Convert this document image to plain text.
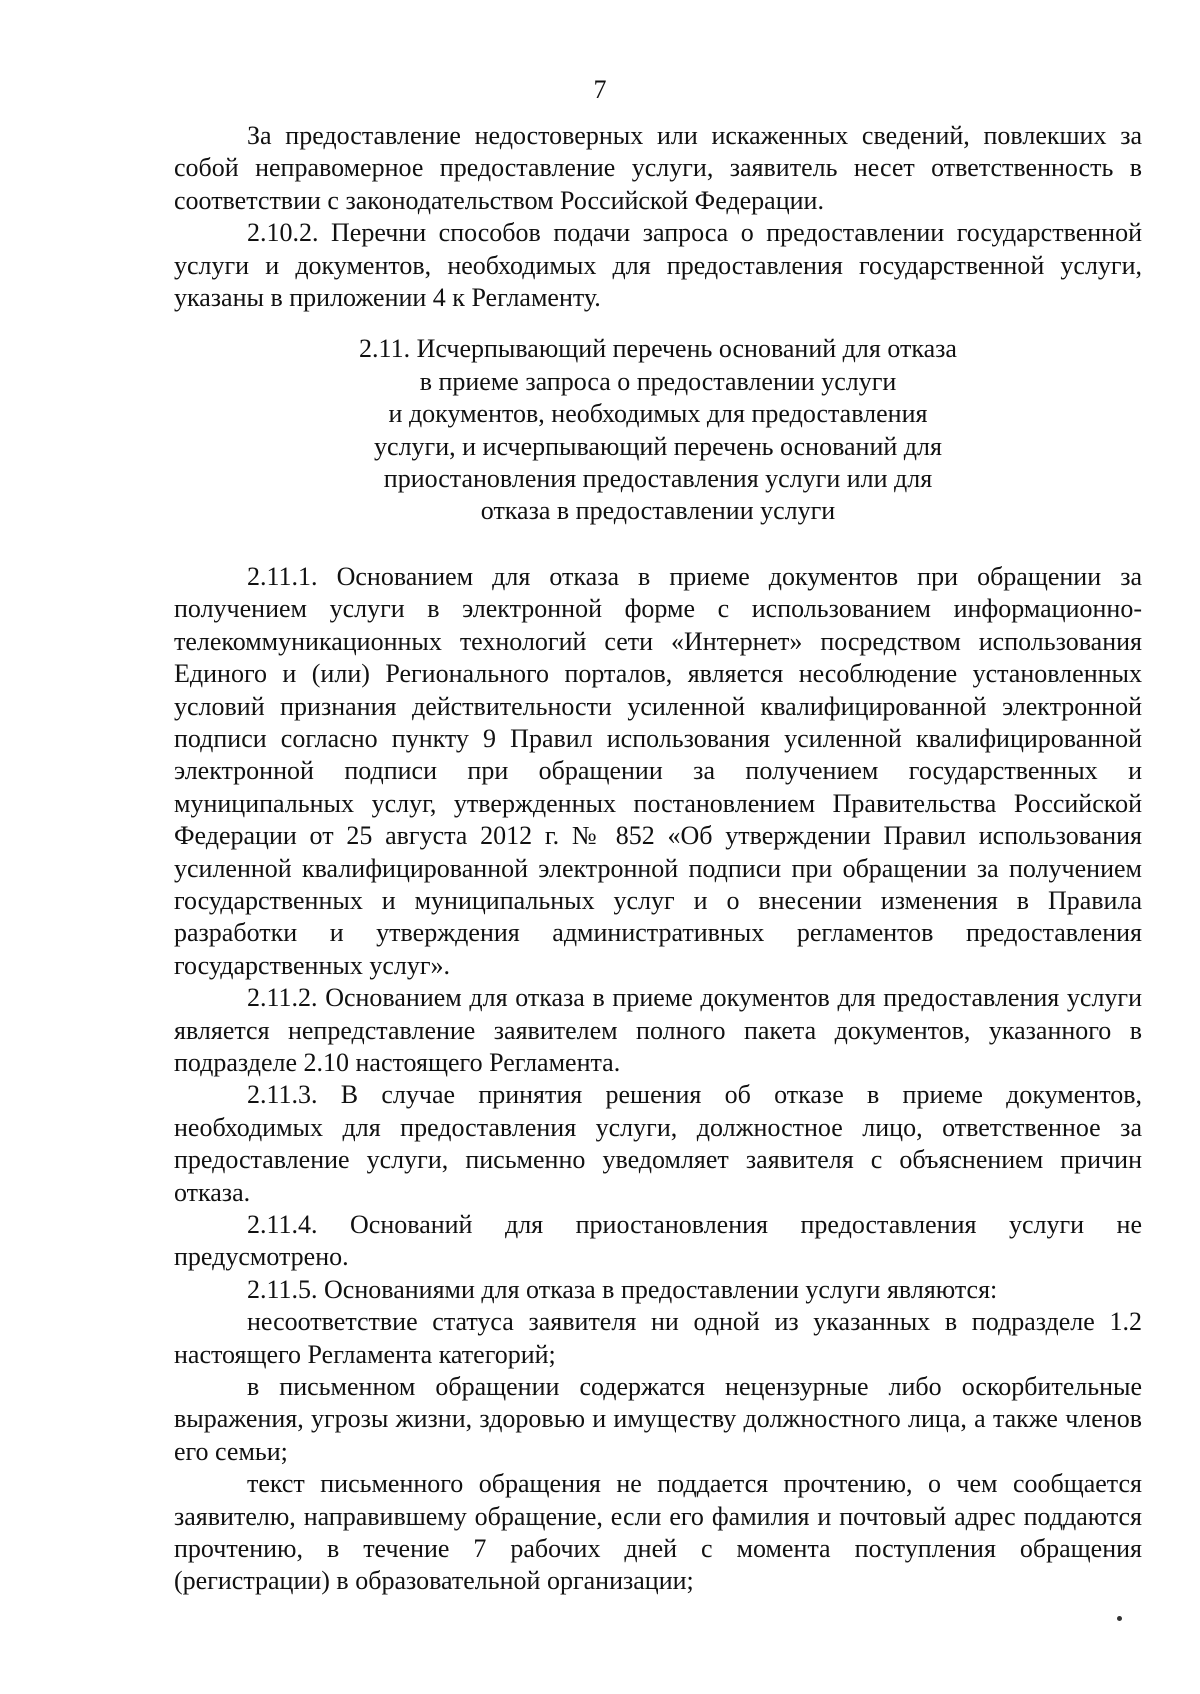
7

За предоставление недостоверных или искаженных сведений, повлекших за собой неправомерное предоставление услуги, заявитель несет ответственность в соответствии с законодательством Российской Федерации.

2.10.2. Перечни способов подачи запроса о предоставлении государственной услуги и документов, необходимых для предоставления государственной услуги, указаны в приложении 4 к Регламенту.

2.11. Исчерпывающий перечень оснований для отказа
в приеме запроса о предоставлении услуги
и документов, необходимых для предоставления
услуги, и исчерпывающий перечень оснований для
приостановления предоставления услуги или для
отказа в предоставлении услуги

2.11.1. Основанием для отказа в приеме документов при обращении за получением услуги в электронной форме с использованием информационно-телекоммуникационных технологий сети «Интернет» посредством использования Единого и (или) Регионального порталов, является несоблюдение установленных условий признания действительности усиленной квалифицированной электронной подписи согласно пункту 9 Правил использования усиленной квалифицированной электронной подписи при обращении за получением государственных и муниципальных услуг, утвержденных постановлением Правительства Российской Федерации от 25 августа 2012 г. № 852 «Об утверждении Правил использования усиленной квалифицированной электронной подписи при обращении за получением государственных и муниципальных услуг и о внесении изменения в Правила разработки и утверждения административных регламентов предоставления государственных услуг».

2.11.2. Основанием для отказа в приеме документов для предоставления услуги является непредставление заявителем полного пакета документов, указанного в подразделе 2.10 настоящего Регламента.

2.11.3. В случае принятия решения об отказе в приеме документов, необходимых для предоставления услуги, должностное лицо, ответственное за предоставление услуги, письменно уведомляет заявителя с объяснением причин отказа.

2.11.4. Оснований для приостановления предоставления услуги не предусмотрено.

2.11.5. Основаниями для отказа в предоставлении услуги являются:

несоответствие статуса заявителя ни одной из указанных в подразделе 1.2 настоящего Регламента категорий;

в письменном обращении содержатся нецензурные либо оскорбительные выражения, угрозы жизни, здоровью и имуществу должностного лица, а также членов его семьи;

текст письменного обращения не поддается прочтению, о чем сообщается заявителю, направившему обращение, если его фамилия и почтовый адрес поддаются прочтению, в течение 7 рабочих дней с момента поступления обращения (регистрации) в образовательной организации;
